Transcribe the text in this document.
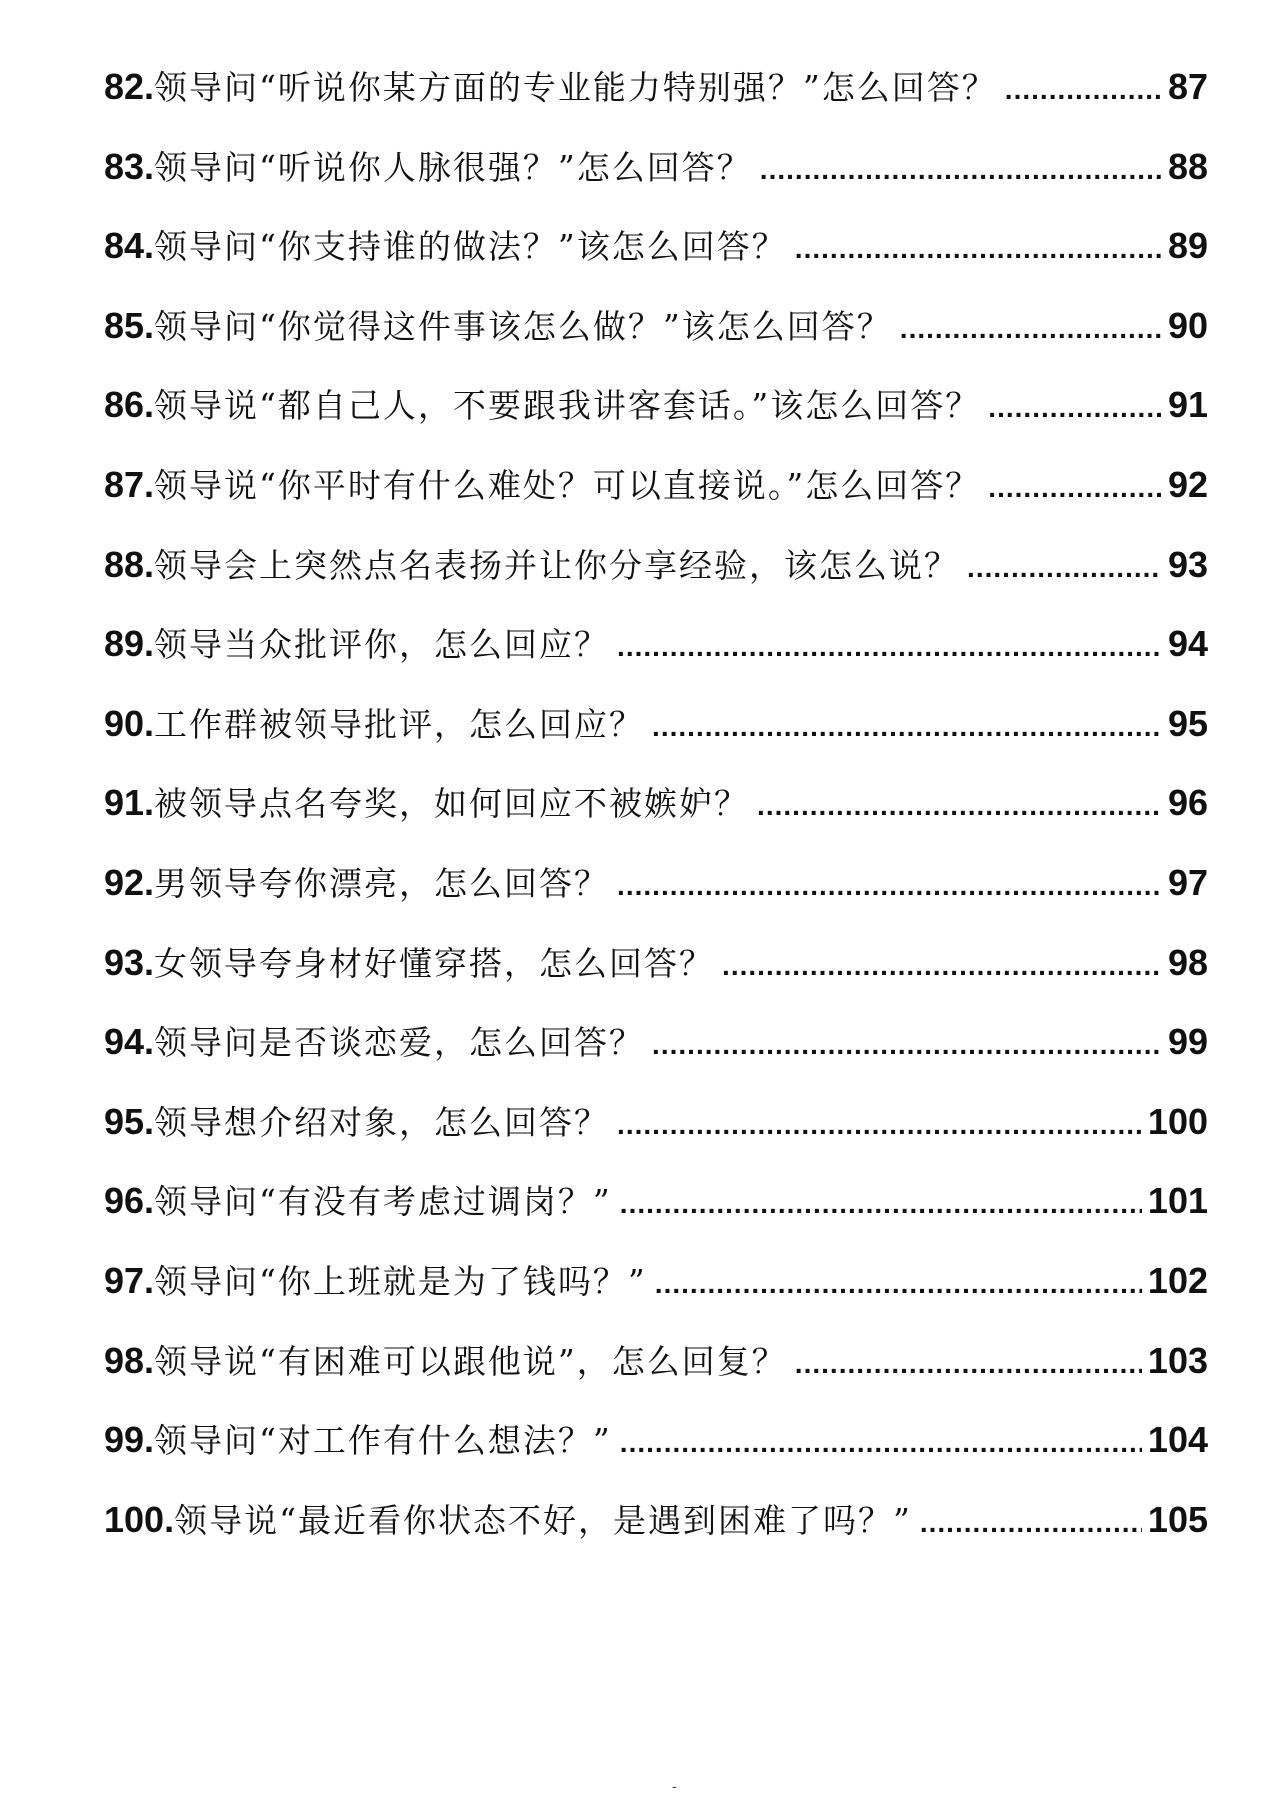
82. 领导问“听说你某方面的专业能力特别强？”怎么回答？ .....	87
83. 领导问“听说你人脉很强？”怎么回答？ .....	88
84. 领导问“你支持谁的做法？”该怎么回答？ .....	89
85. 领导问“你觉得这件事该怎么做？”该怎么回答？ .....	90
86. 领导说“都自己人，不要跟我讲客套话。”该怎么回答？ .....	91
87. 领导说“你平时有什么难处？可以直接说。”怎么回答？ .....	92
88. 领导会上突然点名表扬并让你分享经验，该怎么说？ .....	93
89. 领导当众批评你，怎么回应？ .....	94
90. 工作群被领导批评，怎么回应？ .....	95
91. 被领导点名夸奖，如何回应不被嫉妒？ .....	96
92. 男领导夸你漂亮，怎么回答？ .....	97
93. 女领导夸身材好懂穿搭，怎么回答？ .....	98
94. 领导问是否谈恋爱，怎么回答？ .....	99
95. 领导想介绍对象，怎么回答？ .....	100
96. 领导问“有没有考虑过调岗？” .....	101
97. 领导问“你上班就是为了钱吗？” .....	102
98. 领导说“有困难可以跟他说”，怎么回复？ .....	103
99. 领导问“对工作有什么想法？” .....	104
100. 领导说“最近看你状态不好，是遇到困难了吗？” .....	105
-
